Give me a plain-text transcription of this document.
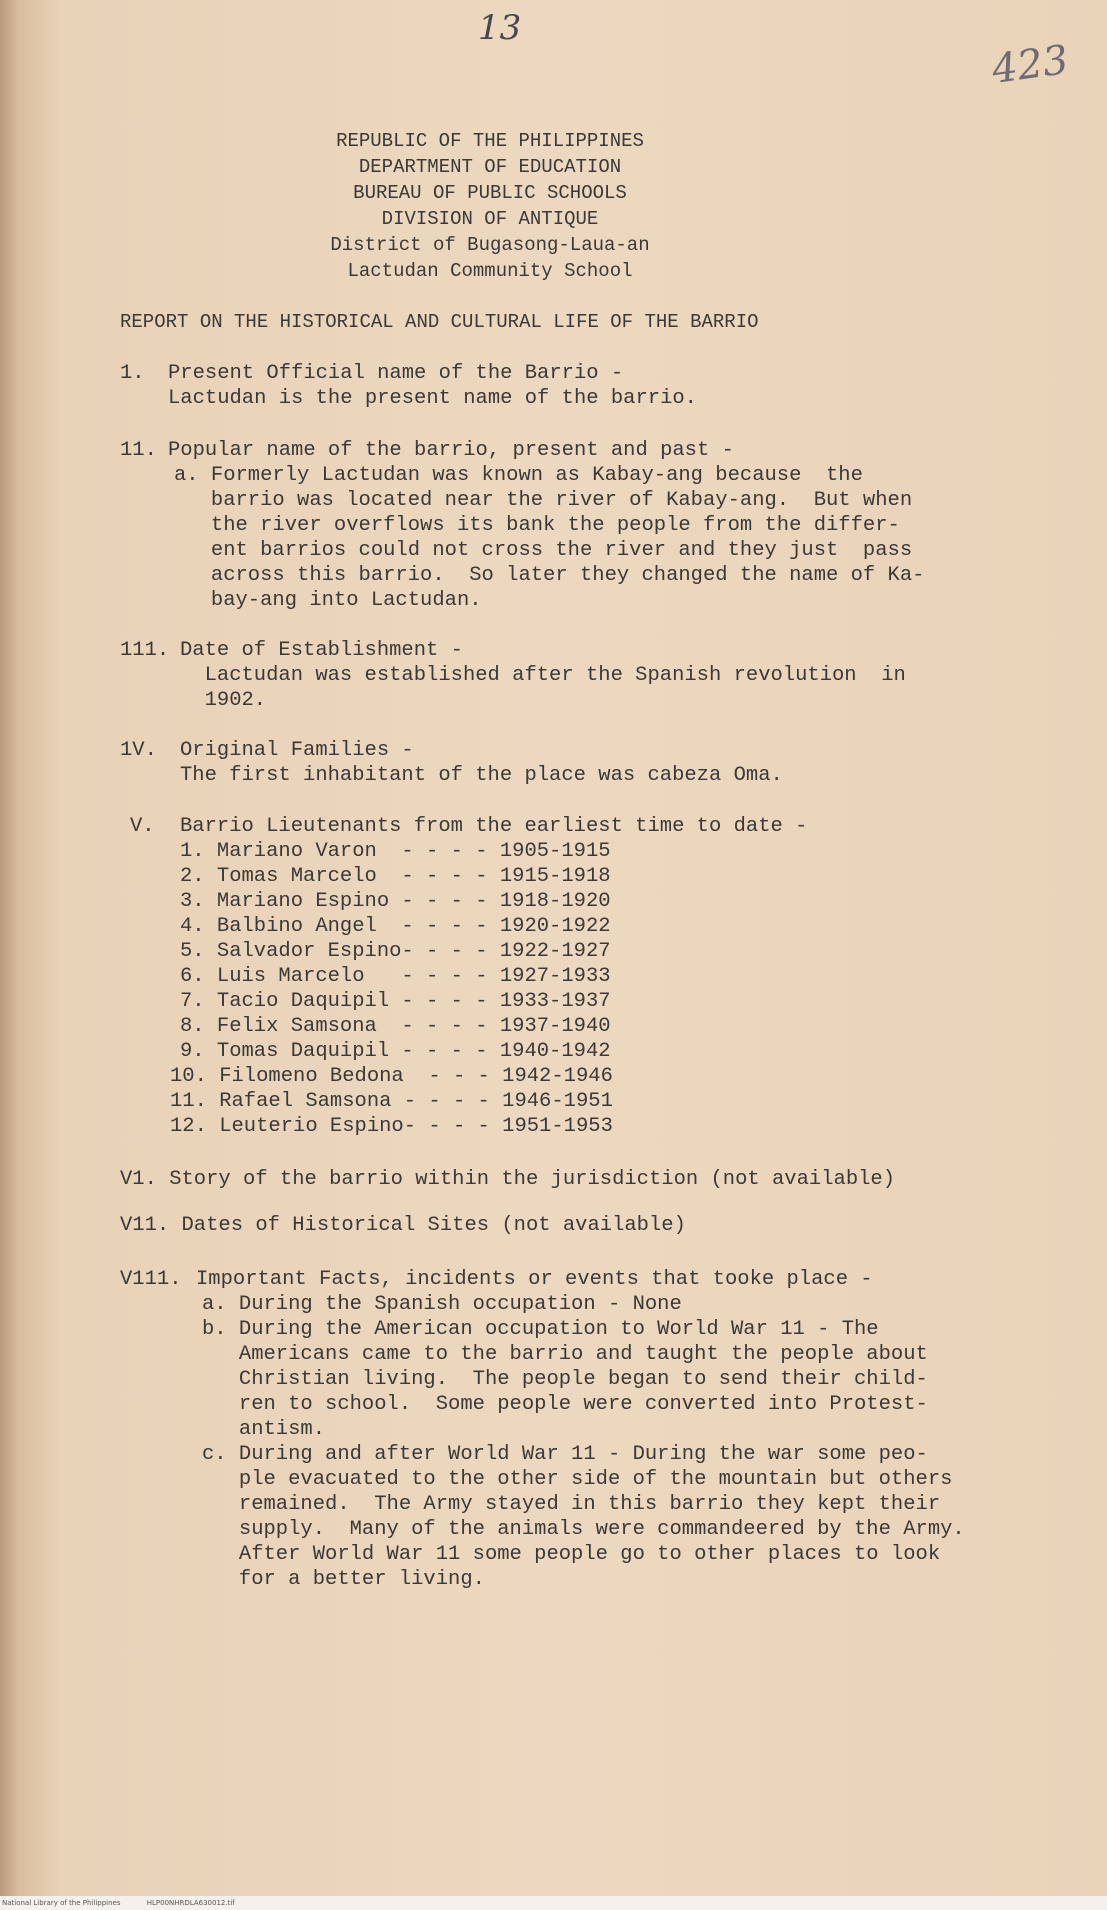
13
423
REPUBLIC OF THE PHILIPPINES
DEPARTMENT OF EDUCATION
BUREAU OF PUBLIC SCHOOLS
DIVISION OF ANTIQUE
District of Bugasong-Laua-an
Lactudan Community School
REPORT ON THE HISTORICAL AND CULTURAL LIFE OF THE BARRIO
1. Present Official name of the Barrio -
Lactudan is the present name of the barrio.
11. Popular name of the barrio, present and past -
a. Formerly Lactudan was known as Kabay-ang because  the
barrio was located near the river of Kabay-ang.  But when
the river overflows its bank the people from the differ-
ent barrios could not cross the river and they just  pass
across this barrio.  So later they changed the name of Ka-
bay-ang into Lactudan.
111. Date of Establishment -
Lactudan was established after the Spanish revolution  in
1902.
1V. Original Families -
The first inhabitant of the place was cabeza Oma.
V. Barrio Lieutenants from the earliest time to date -
1. Mariano Varon  - - - - 1905-1915
2. Tomas Marcelo  - - - - 1915-1918
3. Mariano Espino - - - - 1918-1920
4. Balbino Angel  - - - - 1920-1922
5. Salvador Espino- - - - 1922-1927
6. Luis Marcelo   - - - - 1927-1933
7. Tacio Daquipil - - - - 1933-1937
8. Felix Samsona  - - - - 1937-1940
9. Tomas Daquipil - - - - 1940-1942
10. Filomeno Bedona  - - - 1942-1946
11. Rafael Samsona - - - - 1946-1951
12. Leuterio Espino- - - - 1951-1953
V1. Story of the barrio within the jurisdiction (not available)
V11. Dates of Historical Sites (not available)
V111. Important Facts, incidents or events that tooke place -
a. During the Spanish occupation - None
b. During the American occupation to World War 11 - The
Americans came to the barrio and taught the people about
Christian living.  The people began to send their child-
ren to school.  Some people were converted into Protest-
antism.
c. During and after World War 11 - During the war some peo-
ple evacuated to the other side of the mountain but others
remained.  The Army stayed in this barrio they kept their
supply.  Many of the animals were commandeered by the Army.
After World War 11 some people go to other places to look
for a better living.
National Library of the Philippines	HLP00NHRDLA630012.tif
